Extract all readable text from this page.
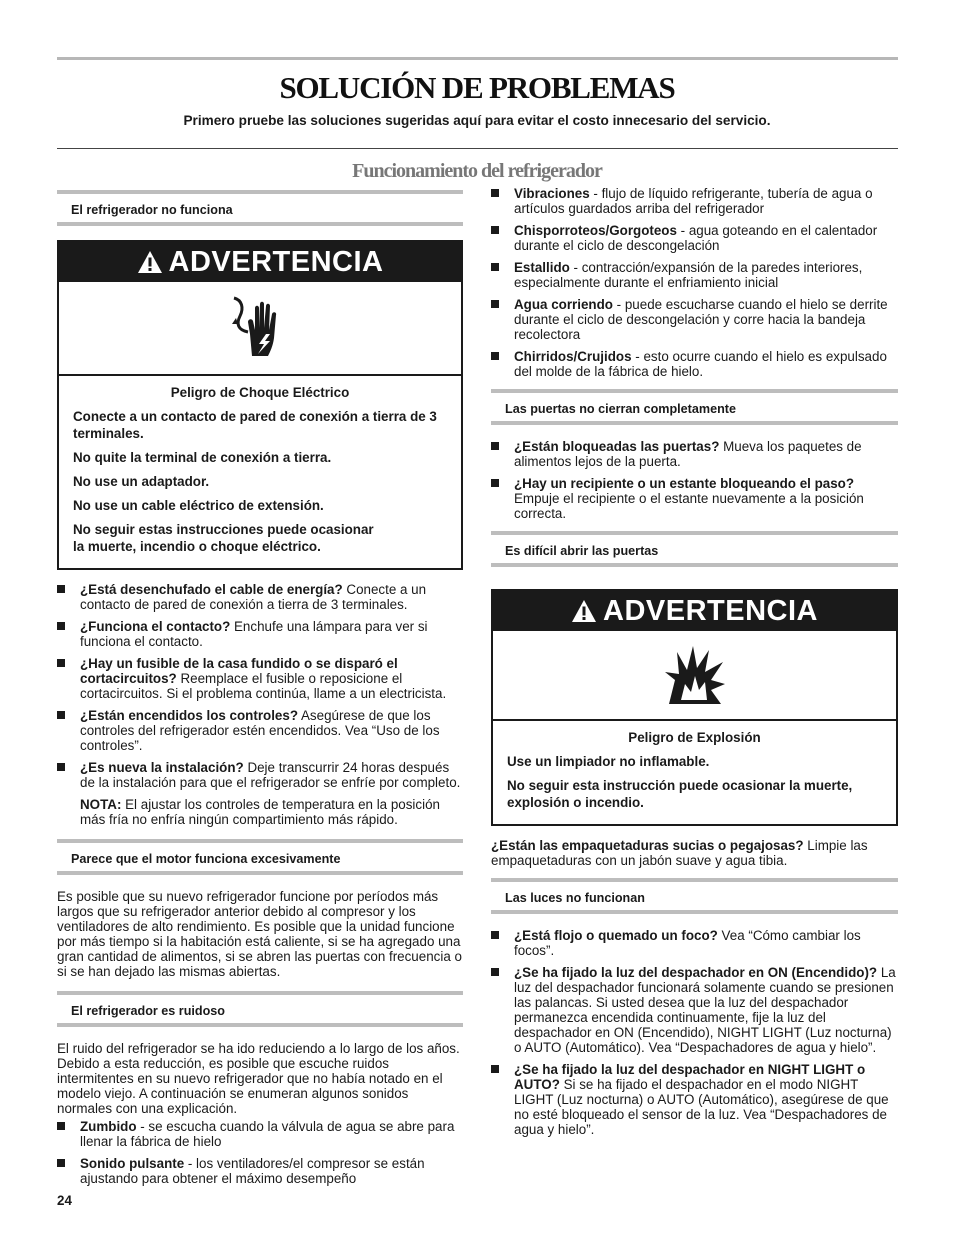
SOLUCIÓN DE PROBLEMAS
Primero pruebe las soluciones sugeridas aquí para evitar el costo innecesario del servicio.
Funcionamiento del refrigerador
El refrigerador no funciona
ADVERTENCIA
Peligro de Choque Eléctrico

Conecte a un contacto de pared de conexión a tierra de 3 terminales.

No quite la terminal de conexión a tierra.

No use un adaptador.

No use un cable eléctrico de extensión.

No seguir estas instrucciones puede ocasionar la muerte, incendio o choque eléctrico.

¿Está desenchufado el cable de energía? Conecte a un contacto de pared de conexión a tierra de 3 terminales.
¿Funciona el contacto? Enchufe una lámpara para ver si funciona el contacto.
¿Hay un fusible de la casa fundido o se disparó el cortacircuitos? Reemplace el fusible o reposicione el cortacircuitos. Si el problema continúa, llame a un electricista.
¿Están encendidos los controles? Asegúrese de que los controles del refrigerador estén encendidos. Vea “Uso de los controles”.
¿Es nueva la instalación? Deje transcurrir 24 horas después de la instalación para que el refrigerador se enfríe por completo.
NOTA: El ajustar los controles de temperatura en la posición más fría no enfría ningún compartimiento más rápido.
Parece que el motor funciona excesivamente
Es posible que su nuevo refrigerador funcione por períodos más largos que su refrigerador anterior debido al compresor y los ventiladores de alto rendimiento. Es posible que la unidad funcione por más tiempo si la habitación está caliente, si se ha agregado una gran cantidad de alimentos, si se abren las puertas con frecuencia o si se han dejado las mismas abiertas.
El refrigerador es ruidoso
El ruido del refrigerador se ha ido reduciendo a lo largo de los años. Debido a esta reducción, es posible que escuche ruidos intermitentes en su nuevo refrigerador que no había notado en el modelo viejo. A continuación se enumeran algunos sonidos normales con una explicación.
Zumbido - se escucha cuando la válvula de agua se abre para llenar la fábrica de hielo
Sonido pulsante - los ventiladores/el compresor se están ajustando para obtener el máximo desempeño
Vibraciones - flujo de líquido refrigerante, tubería de agua o artículos guardados arriba del refrigerador
Chisporroteos/Gorgoteos - agua goteando en el calentador durante el ciclo de descongelación
Estallido - contracción/expansión de la paredes interiores, especialmente durante el enfriamiento inicial
Agua corriendo - puede escucharse cuando el hielo se derrite durante el ciclo de descongelación y corre hacia la bandeja recolectora
Chirridos/Crujidos - esto ocurre cuando el hielo es expulsado del molde de la fábrica de hielo.
Las puertas no cierran completamente
¿Están bloqueadas las puertas? Mueva los paquetes de alimentos lejos de la puerta.
¿Hay un recipiente o un estante bloqueando el paso? Empuje el recipiente o el estante nuevamente a la posición correcta.
Es difícil abrir las puertas
ADVERTENCIA
Peligro de Explosión

Use un limpiador no inflamable.

No seguir esta instrucción puede ocasionar la muerte, explosión o incendio.

¿Están las empaquetaduras sucias o pegajosas? Limpie las empaquetaduras con un jabón suave y agua tibia.
Las luces no funcionan
¿Está flojo o quemado un foco? Vea “Cómo cambiar los focos”.
¿Se ha fijado la luz del despachador en ON (Encendido)? La luz del despachador funcionará solamente cuando se presionen las palancas. Si usted desea que la luz del despachador permanezca encendida continuamente, fije la luz del despachador en ON (Encendido), NIGHT LIGHT (Luz nocturna) o AUTO (Automático). Vea “Despachadores de agua y hielo”.
¿Se ha fijado la luz del despachador en NIGHT LIGHT o AUTO? Si se ha fijado el despachador en el modo NIGHT LIGHT (Luz nocturna) o AUTO (Automático), asegúrese de que no esté bloqueado el sensor de la luz. Vea “Despachadores de agua y hielo”.
24
